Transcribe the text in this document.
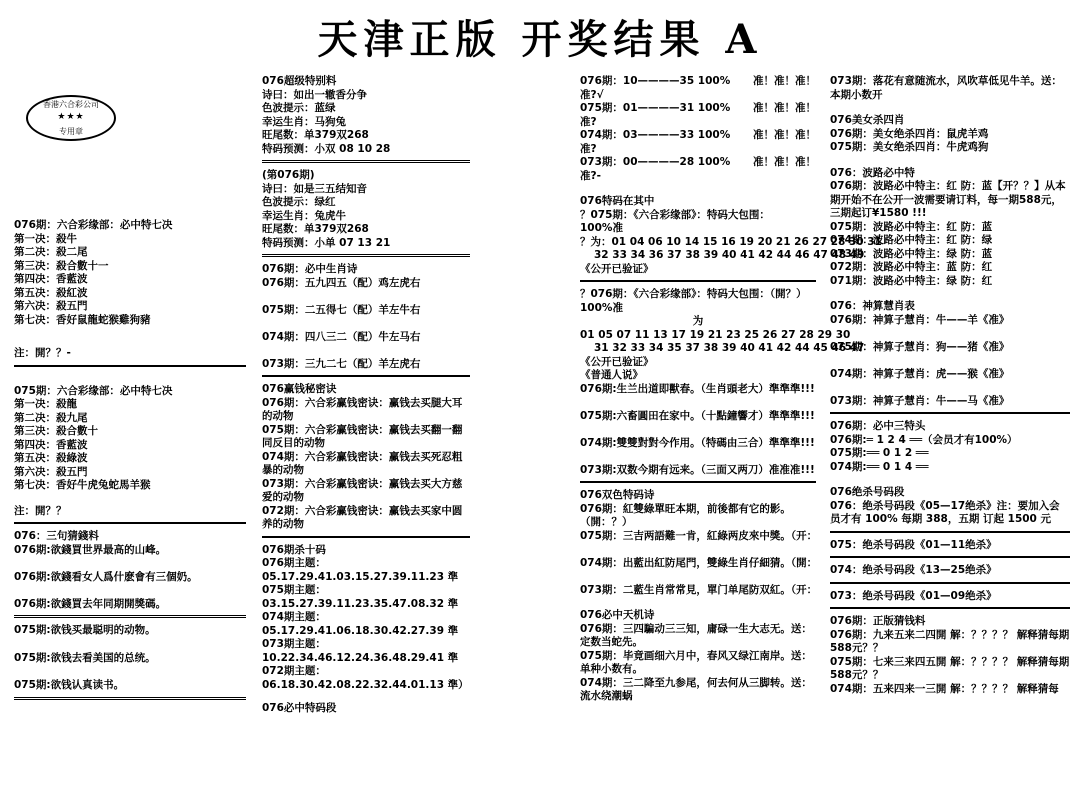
天津正版 开奖结果 A
香港六合彩公司
★★★
专用章
076期：六合彩缘部：必中特七决
第一决：殺牛
第二决：殺二尾
第三决：殺合數十一
第四决：香藍波
第五决：殺紅波
第六决：殺五門
第七决：香好鼠龍蛇猴雞狗豬
注：開？？-
075期：六合彩缘部：必中特七决
第一决：殺龍
第二决：殺九尾
第三决：殺合數十
第四决：香藍波
第五决：殺綠波
第六决：殺五門
第七决：香好牛虎兔蛇馬羊猴
注：開？？
076：三句猜錢料
076期:欲錢買世界最高的山峰。

076期:欲錢看女人爲什麽會有三個奶。

076期:欲錢買去年同期開獎碼。
075期:欲钱买最聪明的动物。
075期:欲钱去看美国的总统。
075期:欲钱认真读书。
076超级特别料
诗曰：如出一辙香分争
色波提示：蓝绿
幸运生肖：马狗兔
旺尾数：单379双268
特码预测：小双 08 10 28
(第076期)
诗曰：如是三五结知音
色波提示：绿红
幸运生肖：兔虎牛
旺尾数：单379双268
特码预测：小单 07 13 21
076期：必中生肖诗
076期：五九四五（配）鸡左虎右

075期：二五得七（配）羊左牛右

074期：四八三二（配）牛左马右

073期：三九二七（配）羊左虎右
076赢钱秘密诀
076期：六合彩赢钱密诀：赢钱去买腿大耳的动物
075期：六合彩赢钱密诀：赢钱去买翻一翻同反目的动物
074期：六合彩赢钱密诀：赢钱去买死忍粗暴的动物
073期：六合彩赢钱密诀：赢钱去买大方慈爱的动物
072期：六合彩赢钱密诀：赢钱去买家中圆养的动物
076期杀十码
076期主题：05.17.29.41.03.15.27.39.11.23 準
075期主题：03.15.27.39.11.23.35.47.08.32 準
074期主题：05.17.29.41.06.18.30.42.27.39 準
073期主题：10.22.34.46.12.24.36.48.29.41 準
072期主题：06.18.30.42.08.22.32.44.01.13 準）
076必中特码段
076期：10————35 100% 准！准！准！
准?√
075期：01————31 100% 准！准！准！
准?
074期：03————33 100% 准！准！准！
准?
073期：00————28 100% 准！准！准！
准?-
076特码在其中
？075期：《六合彩缘部》：特码大包围：
100%准
？为：01 04 06 10 14 15 16 19 20 21 26 27 28 30 31
32 33 34 36 37 38 39 40 41 42 44 46 47 48 49
《公开已验证》
？076期：《六合彩缘部》：特码大包围：（開？）
100%准
为
01 05 07 11 13 17 19 21 23 25 26 27 28 29 30
31 32 33 34 35 37 38 39 40 41 42 44 45 46 47
《公开已验证》
《普通人说》
076期:生兰出道即獸春。（生肖頭老大）準準準!!!

075期:六畜圓田在家中。（十點鐘響才）準準準!!!

074期:雙雙對對今作用。（特碼由三合）準準準!!!

073期:双数今期有远来。（三面又两刀）准准准!!!
076双色特码诗
076期：紅雙綠單旺本期，前後都有它的影。（開：？）
075期：三吉两語難一肯，紅綠两皮來中獎。（开：

074期：出藍出紅防尾門，雙綠生肖仔細猜。（開：

073期：二藍生肖常常見，單门单尾防双紅。（开：
076必中天机诗
076期：三四騙动三三知，庸碌一生大志无。送：定数当蛇先。
075期：毕竟画细六月中，春风又绿江南岸。送：单种小数有。
074期：三二降至九参尾，何去何从三脚转。送：流水绕潮蜗
073期：落花有意随流水，风吹草低见牛羊。送：本期小数开
076美女杀四肖
076期：美女绝杀四肖：鼠虎羊鸡
075期：美女绝杀四肖：牛虎鸡狗
076：波路必中特
076期：波路必中特主：红 防：蓝【开？？】从本期开始不在公开一波需要请订料，每一期588元，三期起订¥1580 !!!
075期：波路必中特主：红 防：蓝
074期：波路必中特主：红 防：绿
073期：波路必中特主：绿 防：蓝
072期：波路必中特主：蓝 防：红
071期：波路必中特主：绿 防：红
076：神算慧肖表
076期：神算子慧肖：牛——羊《准》

075期：神算子慧肖：狗——猪《准》

074期：神算子慧肖：虎——猴《准》

073期：神算子慧肖：牛——马《准》
076期：必中三特头
076期:═ 1 2 4 ══（会员才有100%）
075期:══ 0 1 2 ══
074期:══ 0 1 4 ══
076绝杀号码段
076：绝杀号码段《05—17绝杀》注：要加入会员才有 100% 每期 388，五期 订起 1500 元
075：绝杀号码段《01—11绝杀》
074：绝杀号码段《13—25绝杀》
073：绝杀号码段《01—09绝杀》
076期：正版猜钱料
076期：九来五来二四開 解：？？？？ 解释猜每期588元？？
075期：七来三来四五開 解：？？？？ 解释猜每期588元？？
074期：五来四来一三開 解：？？？？ 解释猜每
